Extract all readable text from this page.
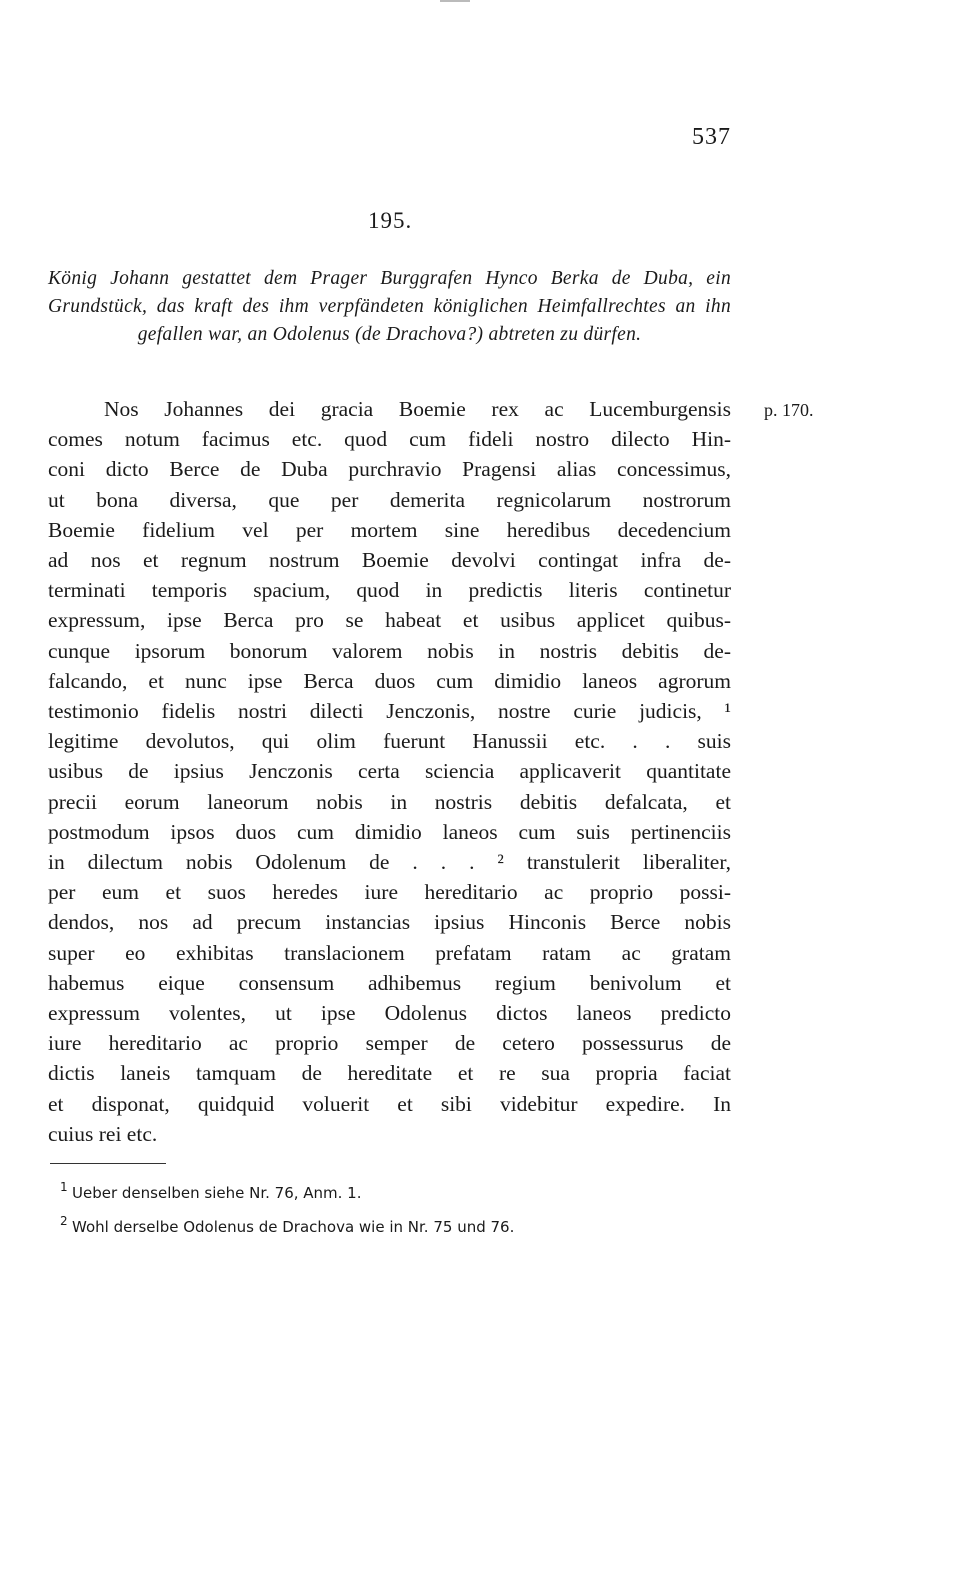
537
195.
König Johann gestattet dem Prager Burggrafen Hynco Berka de Duba, ein Grundstück, das kraft des ihm verpfändeten königlichen Heimfallrechtes an ihn gefallen war, an Odolenus (de Drachova?) abtreten zu dürfen.
p. 170.
Nos Johannes dei gracia Boemie rex ac Lucemburgensis
comes notum facimus etc. quod cum fideli nostro dilecto Hin-
coni dicto Berce de Duba purchravio Pragensi alias concessimus,
ut bona diversa, que per demerita regnicolarum nostrorum
Boemie fidelium vel per mortem sine heredibus decedencium
ad nos et regnum nostrum Boemie devolvi contingat infra de-
terminati temporis spacium, quod in predictis literis continetur
expressum, ipse Berca pro se habeat et usibus applicet quibus-
cunque ipsorum bonorum valorem nobis in nostris debitis de-
falcando, et nunc ipse Berca duos cum dimidio laneos agrorum
testimonio fidelis nostri dilecti Jenczonis, nostre curie judicis, ¹
legitime devolutos, qui olim fuerunt Hanussii etc. . . suis
usibus de ipsius Jenczonis certa sciencia applicaverit quantitate
precii eorum laneorum nobis in nostris debitis defalcata, et
postmodum ipsos duos cum dimidio laneos cum suis pertinenciis
in dilectum nobis Odolenum de . . . ² transtulerit liberaliter,
per eum et suos heredes iure hereditario ac proprio possi-
dendos, nos ad precum instancias ipsius Hinconis Berce nobis
super eo exhibitas translacionem prefatam ratam ac gratam
habemus eique consensum adhibemus regium benivolum et
expressum volentes, ut ipse Odolenus dictos laneos predicto
iure hereditario ac proprio semper de cetero possessurus de
dictis laneis tamquam de hereditate et re sua propria faciat
et disponat, quidquid voluerit et sibi videbitur expedire. In
cuius rei etc.
1 Ueber denselben siehe Nr. 76, Anm. 1.
2 Wohl derselbe Odolenus de Drachova wie in Nr. 75 und 76.
